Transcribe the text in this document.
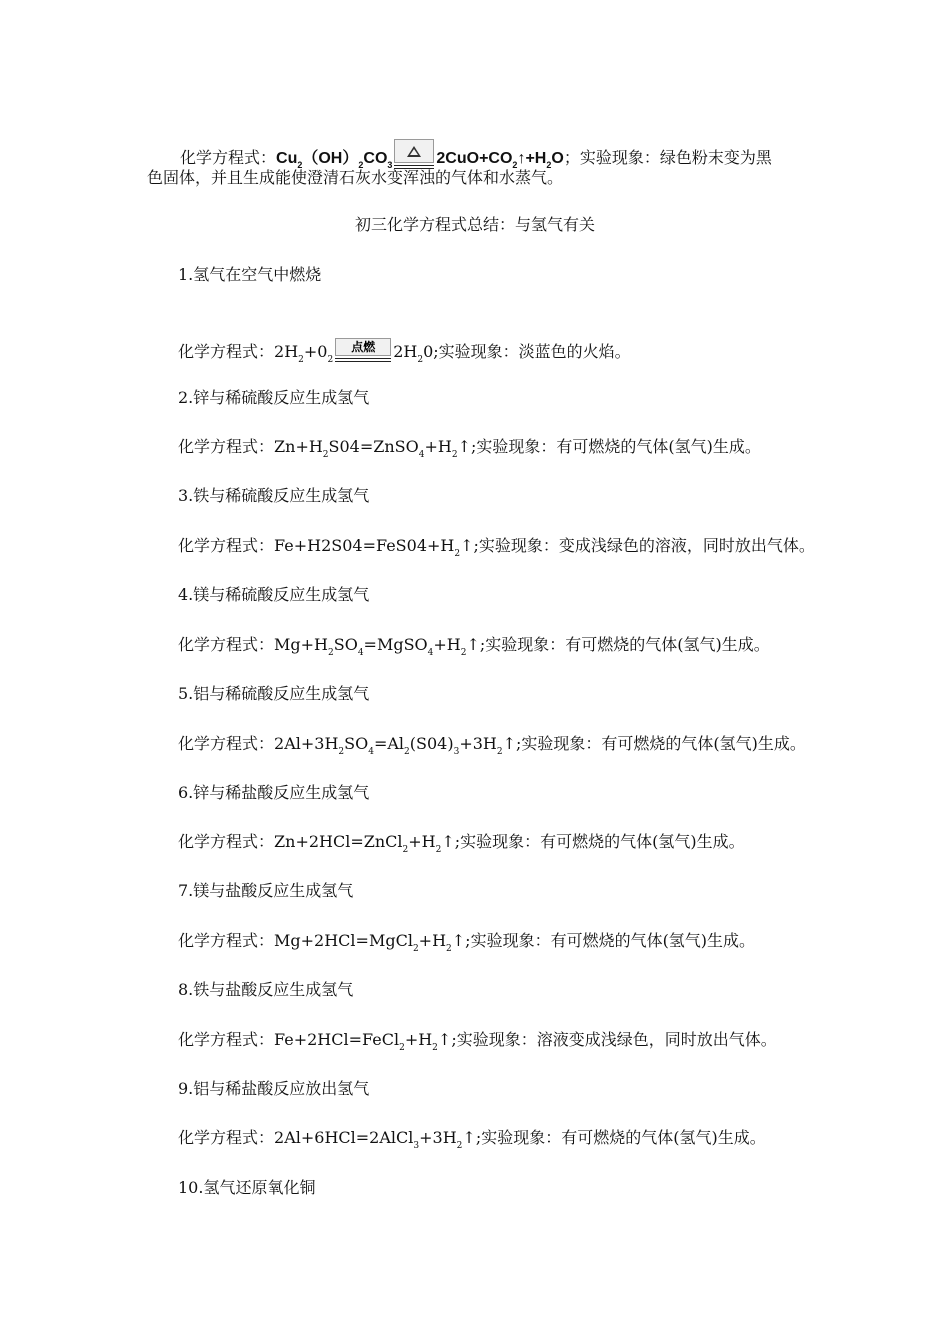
化学方程式：$Cu_2(OH)_2CO_3$	$2CuO+CO_2↑+H_2O$；实验现象：绿色粉末变为黑
色固体，并且生成能使澄清石灰水变浑浊的气体和水蒸气。
初三化学方程式总结：与氢气有关
1.氢气在空气中燃烧
化学方程式：$2H_2+0_2$
点燃	$2H_20$;实验现象：淡蓝色的火焰。
2.锌与稀硫酸反应生成氢气
化学方程式：$Zn+H_2S04=ZnSO_4+H_2↑$;实验现象：有可燃烧的气体(氢气)生成。
3.铁与稀硫酸反应生成氢气
化学方程式：$Fe+H2S04=FeS04+H_2↑$;实验现象：变成浅绿色的溶液，同时放出气体。
4.镁与稀硫酸反应生成氢气
化学方程式：$Mg+H_2SO_4=MgSO_4+H_2↑$;实验现象：有可燃烧的气体(氢气)生成。
5.铝与稀硫酸反应生成氢气
化学方程式：$2Al+3H_2SO_4=Al_2(S04)_3+3H_2↑$;实验现象：有可燃烧的气体(氢气)生成。
6.锌与稀盐酸反应生成氢气
化学方程式：$Zn+2HCl=ZnCl_2+H_2↑$;实验现象：有可燃烧的气体(氢气)生成。
7.镁与盐酸反应生成氢气
化学方程式：$Mg+2HCl=MgCl_2+H_2↑$;实验现象：有可燃烧的气体(氢气)生成。
8.铁与盐酸反应生成氢气
化学方程式：$Fe+2HCl=FeCl_2+H_2↑$;实验现象：溶液变成浅绿色，同时放出气体。
9.铝与稀盐酸反应放出氢气
化学方程式：$2Al+6HCl=2AlCl_3+3H_2↑$;实验现象：有可燃烧的气体(氢气)生成。
10.氢气还原氧化铜
